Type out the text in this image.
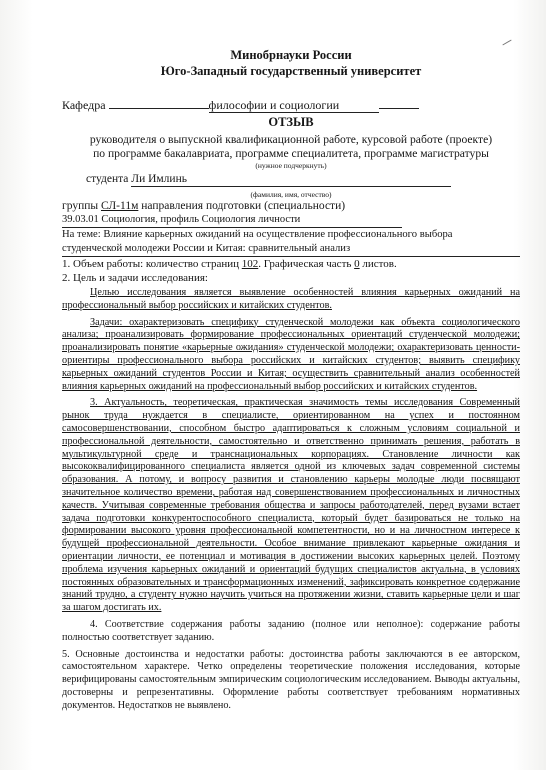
Минобрнауки России
Юго-Западный государственный университет
Кафедра	философии и социологии
ОТЗЫВ
руководителя о выпускной квалификационной работе, курсовой работе (проекте)
по программе бакалавриата, программе специалитета, программе магистратуры
(нужное подчеркнуть)
студента Ли Имлинь
(фамилия, имя, отчество)
группы СЛ-11м направления подготовки (специальности)
39.03.01 Социология, профиль Социология личности
На теме: Влияние карьерных ожиданий на осуществление профессионального выбора
студенческой молодежи России и Китая: сравнительный анализ
1. Объем работы: количество страниц 102. Графическая часть 0 листов.
2. Цель и задачи исследования:
Целью исследования является выявление особенностей влияния карьерных ожиданий на профессиональный выбор российских и китайских студентов.
Задачи: охарактеризовать специфику студенческой молодежи как объекта социологического анализа; проанализировать формирование профессиональных ориентаций студенческой молодежи; проанализировать понятие «карьерные ожидания» студенческой молодежи; охарактеризовать ценности-ориентиры профессионального выбора российских и китайских студентов; выявить специфику карьерных ожиданий студентов России и Китая; осуществить сравнительный анализ особенностей влияния карьерных ожиданий на профессиональный выбор российских и китайских студентов.
3. Актуальность, теоретическая, практическая значимость темы исследования Современный рынок труда нуждается в специалисте, ориентированном на успех и постоянном самосовершенствовании, способном быстро адаптироваться к сложным условиям социальной и профессиональной деятельности, самостоятельно и ответственно принимать решения, работать в мультикультурной среде и транснациональных корпорациях. Становление личности как высококвалифицированного специалиста является одной из ключевых задач современной системы образования. А потому, и вопросу развития и становлению карьеры молодые люди посвящают значительное количество времени, работая над совершенствованием профессиональных и личностных качеств. Учитывая современные требования общества и запросы работодателей, перед вузами встает задача подготовки конкурентоспособного специалиста, который будет базироваться не только на формировании высокого уровня профессиональной компетентности, но и на личностном интересе к будущей профессиональной деятельности. Особое внимание привлекают карьерные ожидания и ориентации личности, ее потенциал и мотивация в достижении высоких карьерных целей. Поэтому проблема изучения карьерных ожиданий и ориентаций будущих специалистов актуальна, в условиях постоянных образовательных и трансформационных изменений, зафиксировать конкретное содержание знаний трудно, а студенту нужно научить учиться на протяжении жизни, ставить карьерные цели и шаг за шагом достигать их.
4. Соответствие содержания работы заданию (полное или неполное): содержание работы полностью соответствует заданию.
5. Основные достоинства и недостатки работы: достоинства работы заключаются в ее авторском, самостоятельном характере. Четко определены теоретические положения исследования, которые верифицированы самостоятельным эмпирическим социологическим исследованием. Выводы актуальны, достоверны и репрезентативны. Оформление работы соответствует требованиям нормативных документов. Недостатков не выявлено.
